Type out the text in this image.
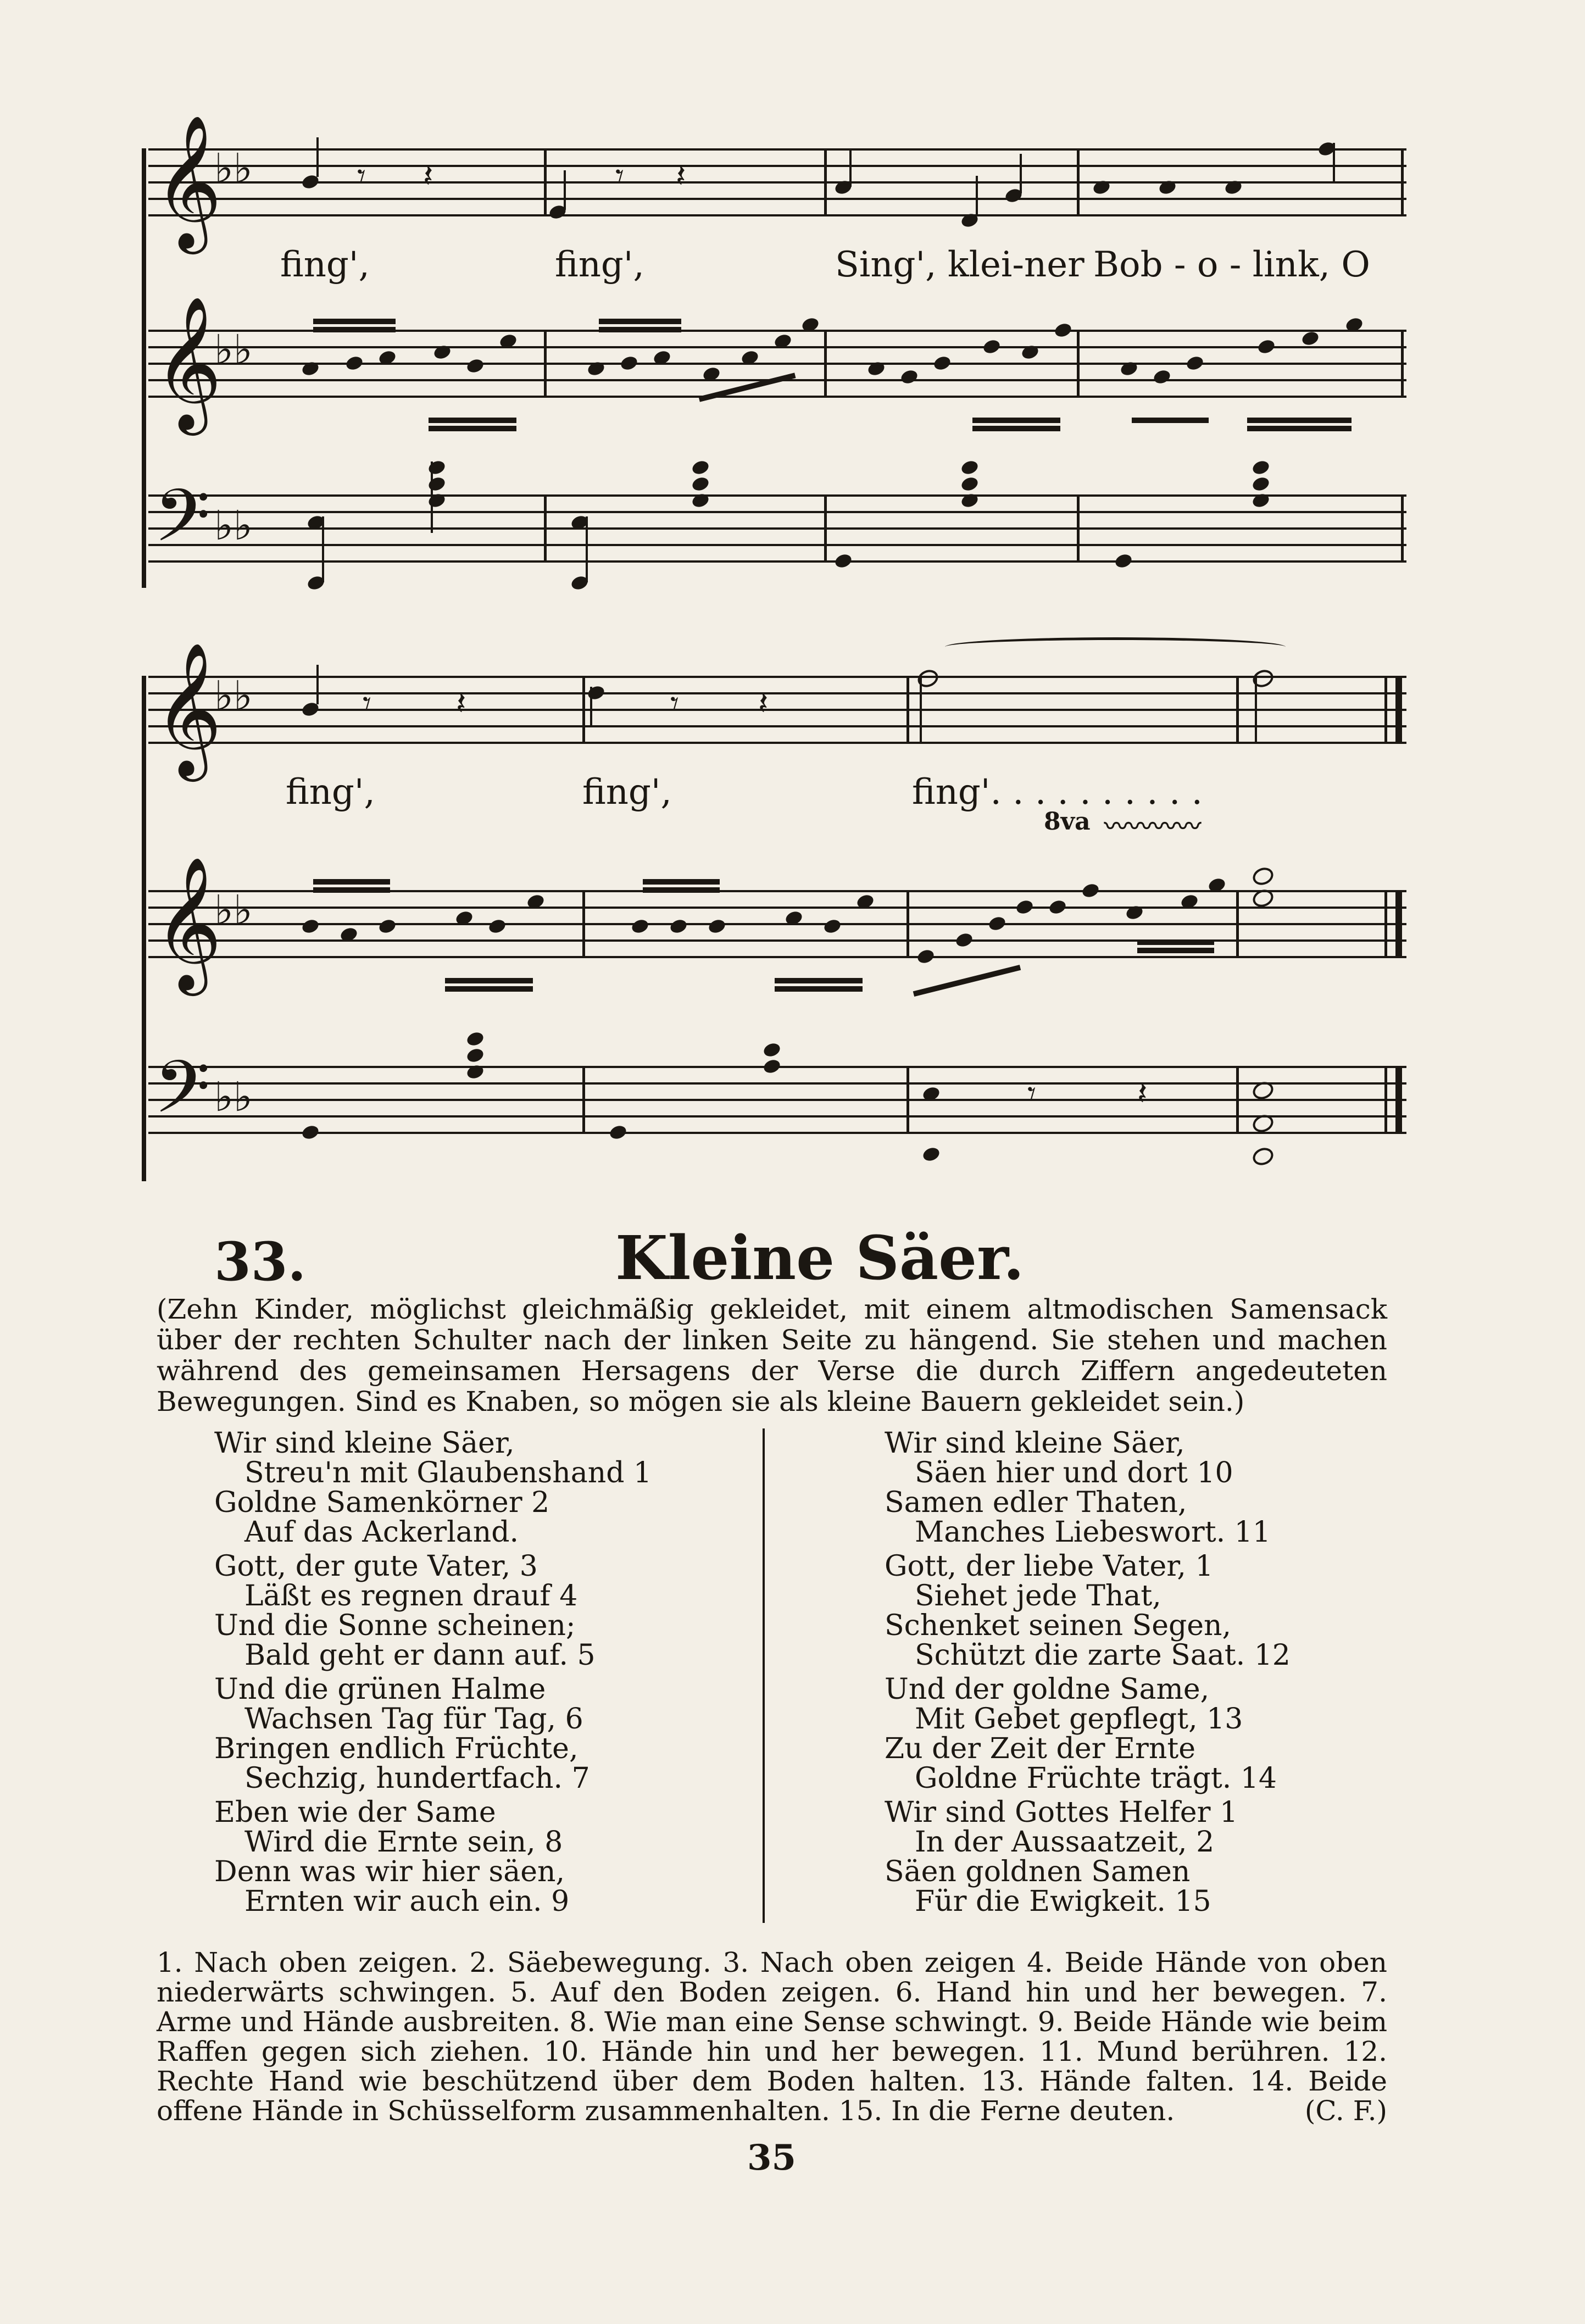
𝄞
♭♭	𝄾 𝄽	𝄾 𝄽
fing',	fing',	Sing', klei-ner Bob - o - link, O
𝄞
♭♭
𝄢 ♭♭
𝄞
♭♭	𝄾	𝄽	𝄾 𝄽
fing',	fing',	fing'. . . . . . . . . .
8va 〰〰〰〰
𝄞
♭♭
𝄢 ♭♭	𝄾	𝄽
33.	Kleine Säer.
(Zehn Kinder, möglichst gleichmäßig gekleidet, mit einem altmodischen Samensack über der rechten Schulter nach der linken Seite zu hängend. Sie stehen und machen während des gemeinsamen Hersagens der Verse die durch Ziffern angedeuteten Bewegungen. Sind es Knaben, so mögen sie als kleine Bauern gekleidet sein.)
Wir sind kleine Säer,
Streu'n mit Glaubenshand 1
Goldne Samenkörner 2
Auf das Ackerland.
Gott, der gute Vater, 3
Läßt es regnen drauf 4
Und die Sonne scheinen;
Bald geht er dann auf. 5
Und die grünen Halme
Wachsen Tag für Tag, 6
Bringen endlich Früchte,
Sechzig, hundertfach. 7
Eben wie der Same
Wird die Ernte sein, 8
Denn was wir hier säen,
Ernten wir auch ein. 9
Wir sind kleine Säer,
Säen hier und dort 10
Samen edler Thaten,
Manches Liebeswort. 11
Gott, der liebe Vater, 1
Siehet jede That,
Schenket seinen Segen,
Schützt die zarte Saat. 12
Und der goldne Same,
Mit Gebet gepflegt, 13
Zu der Zeit der Ernte
Goldne Früchte trägt. 14
Wir sind Gottes Helfer 1
In der Aussaatzeit, 2
Säen goldnen Samen
Für die Ewigkeit. 15
1. Nach oben zeigen. 2. Säebewegung. 3. Nach oben zeigen 4. Beide Hände von oben niederwärts schwingen. 5. Auf den Boden zeigen. 6. Hand hin und her bewegen. 7. Arme und Hände ausbreiten. 8. Wie man eine Sense schwingt. 9. Beide Hände wie beim Raffen gegen sich ziehen. 10. Hände hin und her bewegen. 11. Mund berühren. 12. Rechte Hand wie beschützend über dem Boden halten. 13. Hände falten. 14. Beide offene Hände in Schüsselform zusammenhalten. 15. In die Ferne deuten.	(C. F.)
35
